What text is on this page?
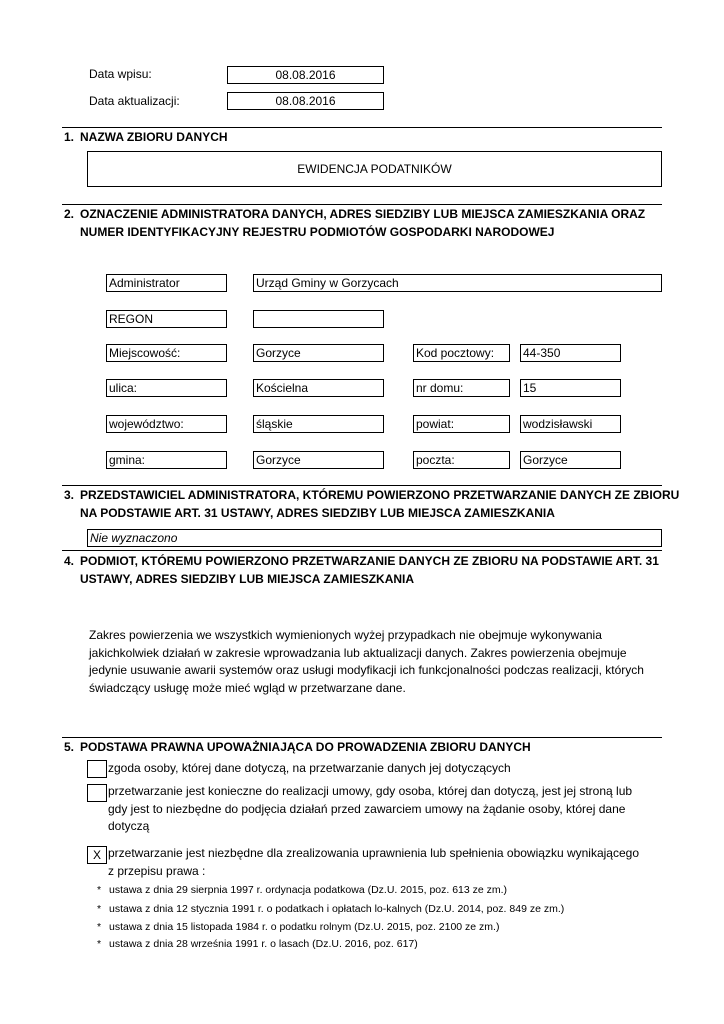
Data wpisu:	08.08.2016
Data aktualizacji:	08.08.2016
1. NAZWA ZBIORU DANYCH
EWIDENCJA PODATNIKÓW
2. OZNACZENIE ADMINISTRATORA DANYCH, ADRES SIEDZIBY LUB MIEJSCA ZAMIESZKANIA ORAZ
NUMER IDENTYFIKACYJNY REJESTRU PODMIOTÓW GOSPODARKI NARODOWEJ
Administrator	Urząd Gminy w Gorzycach
REGON
Miejscowość:	Gorzyce	Kod pocztowy:	44-350
ulica:	Kościelna	nr domu:	15
województwo:	śląskie	powiat:	wodzisławski
gmina:	Gorzyce	poczta:	Gorzyce
3. PRZEDSTAWICIEL ADMINISTRATORA, KTÓREMU POWIERZONO PRZETWARZANIE DANYCH ZE ZBIORU
NA PODSTAWIE ART. 31 USTAWY, ADRES SIEDZIBY LUB MIEJSCA ZAMIESZKANIA
Nie wyznaczono
4. PODMIOT, KTÓREMU POWIERZONO PRZETWARZANIE DANYCH ZE ZBIORU NA PODSTAWIE ART. 31
USTAWY, ADRES SIEDZIBY LUB MIEJSCA ZAMIESZKANIA
Zakres powierzenia we wszystkich wymienionych wyżej przypadkach nie obejmuje wykonywania
jakichkolwiek działań w zakresie wprowadzania lub aktualizacji danych. Zakres powierzenia obejmuje
jedynie usuwanie awarii systemów oraz usługi modyfikacji ich funkcjonalności podczas realizacji, których
świadczący usługę może mieć wgląd w przetwarzane dane.
5. PODSTAWA PRAWNA UPOWAŻNIAJĄCA DO PROWADZENIA ZBIORU DANYCH
zgoda osoby, której dane dotyczą, na przetwarzanie danych jej dotyczących
przetwarzanie jest konieczne do realizacji umowy, gdy osoba, której dan dotyczą, jest jej stroną lub
gdy jest to niezbędne do podjęcia działań przed zawarciem umowy na żądanie osoby, której dane
dotyczą
X przetwarzanie jest niezbędne dla zrealizowania uprawnienia lub spełnienia obowiązku wynikającego
z przepisu prawa :
* ustawa z dnia 29 sierpnia 1997 r. ordynacja podatkowa (Dz.U. 2015, poz. 613 ze zm.)
* ustawa z dnia 12 stycznia 1991 r. o podatkach i opłatach lo-kalnych (Dz.U. 2014, poz. 849 ze zm.)
* ustawa z dnia 15 listopada 1984 r. o podatku rolnym (Dz.U. 2015, poz. 2100 ze zm.)
* ustawa z dnia 28 września 1991 r. o lasach (Dz.U. 2016, poz. 617)
